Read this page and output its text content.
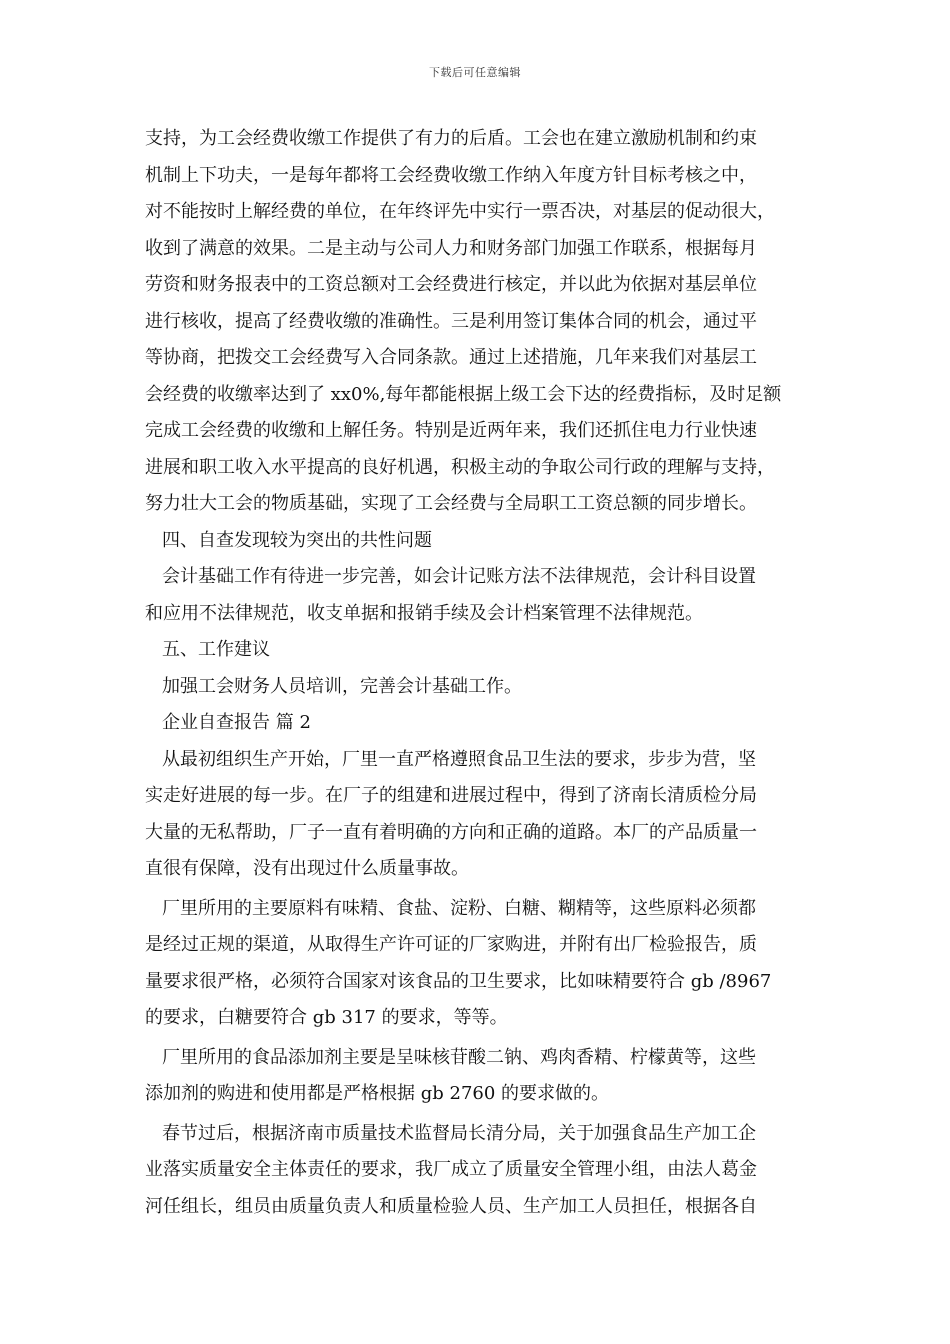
下载后可任意编辑
支持，为工会经费收缴工作提供了有力的后盾。工会也在建立激励机制和约束
机制上下功夫，一是每年都将工会经费收缴工作纳入年度方针目标考核之中，
对不能按时上解经费的单位，在年终评先中实行一票否决，对基层的促动很大，
收到了满意的效果。二是主动与公司人力和财务部门加强工作联系，根据每月
劳资和财务报表中的工资总额对工会经费进行核定，并以此为依据对基层单位
进行核收，提高了经费收缴的准确性。三是利用签订集体合同的机会，通过平
等协商，把拨交工会经费写入合同条款。通过上述措施，几年来我们对基层工
会经费的收缴率达到了 xx0%,每年都能根据上级工会下达的经费指标，及时足额
完成工会经费的收缴和上解任务。特别是近两年来，我们还抓住电力行业快速
进展和职工收入水平提高的良好机遇，积极主动的争取公司行政的理解与支持，
努力壮大工会的物质基础，实现了工会经费与全局职工工资总额的同步增长。
四、自查发现较为突出的共性问题
会计基础工作有待进一步完善，如会计记账方法不法律规范，会计科目设置
和应用不法律规范，收支单据和报销手续及会计档案管理不法律规范。
五、工作建议
加强工会财务人员培训，完善会计基础工作。
企业自查报告 篇 2
从最初组织生产开始，厂里一直严格遵照食品卫生法的要求，步步为营，坚
实走好进展的每一步。在厂子的组建和进展过程中，得到了济南长清质检分局
大量的无私帮助，厂子一直有着明确的方向和正确的道路。本厂的产品质量一
直很有保障，没有出现过什么质量事故。
厂里所用的主要原料有味精、食盐、淀粉、白糖、糊精等，这些原料必须都
是经过正规的渠道，从取得生产许可证的厂家购进，并附有出厂检验报告，质
量要求很严格，必须符合国家对该食品的卫生要求，比如味精要符合 gb /8967
的要求，白糖要符合 gb 317 的要求，等等。
厂里所用的食品添加剂主要是呈味核苷酸二钠、鸡肉香精、柠檬黄等，这些
添加剂的购进和使用都是严格根据 gb 2760 的要求做的。
春节过后，根据济南市质量技术监督局长清分局，关于加强食品生产加工企
业落实质量安全主体责任的要求，我厂成立了质量安全管理小组，由法人葛金
河任组长，组员由质量负责人和质量检验人员、生产加工人员担任，根据各自
